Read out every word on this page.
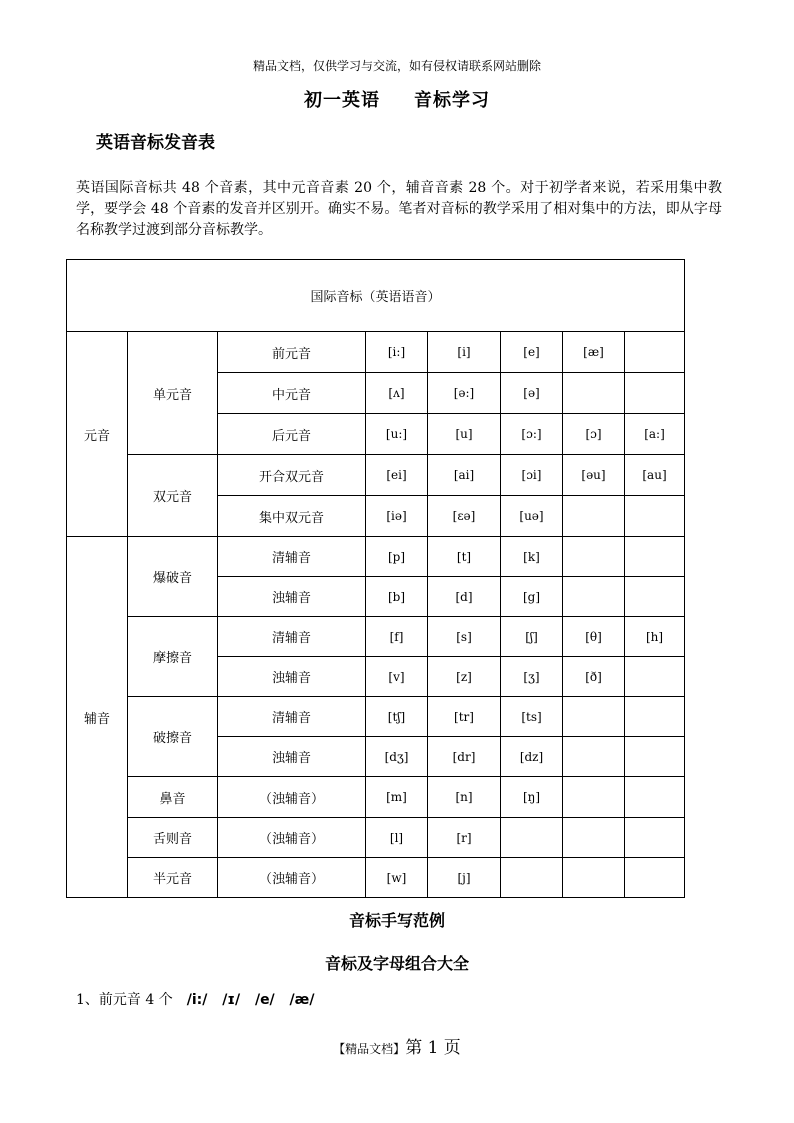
精品文档，仅供学习与交流，如有侵权请联系网站删除
初一英语 音标学习
英语音标发音表
英语国际音标共 48 个音素，其中元音音素 20 个，辅音音素 28 个。对于初学者来说，若采用集中教学，要学会 48 个音素的发音并区别开。确实不易。笔者对音标的教学采用了相对集中的方法，即从字母名称教学过渡到部分音标教学。
国际音标（英语语音）							
元音	单元音	前元音	[i:]	[i]	[e]	[æ]	
		中元音	[ʌ]	[ə:]	[ə]		
		后元音	[u:]	[u]	[ɔ:]	[ɔ]	[a:]
	双元音	开合双元音	[ei]	[ai]	[ɔi]	[əu]	[au]
		集中双元音	[iə]	[ɛə]	[uə]		
辅音	爆破音	清辅音	[p]	[t]	[k]		
		浊辅音	[b]	[d]	[g]		
	摩擦音	清辅音	[f]	[s]	[ʃ]	[θ]	[h]
		浊辅音	[v]	[z]	[ʒ]	[ð]	
	破擦音	清辅音	[tʃ]	[tr]	[ts]		
		浊辅音	[dʒ]	[dr]	[dz]		
	鼻音	（浊辅音）	[m]	[n]	[ŋ]		
	舌则音	（浊辅音）	[l]	[r]			
	半元音	（浊辅音）	[w]	[j]			
音标手写范例
音标及字母组合大全
1、前元音 4 个 /i:/ /ɪ/ /e/ /æ/
【精品文档】第 1 页
